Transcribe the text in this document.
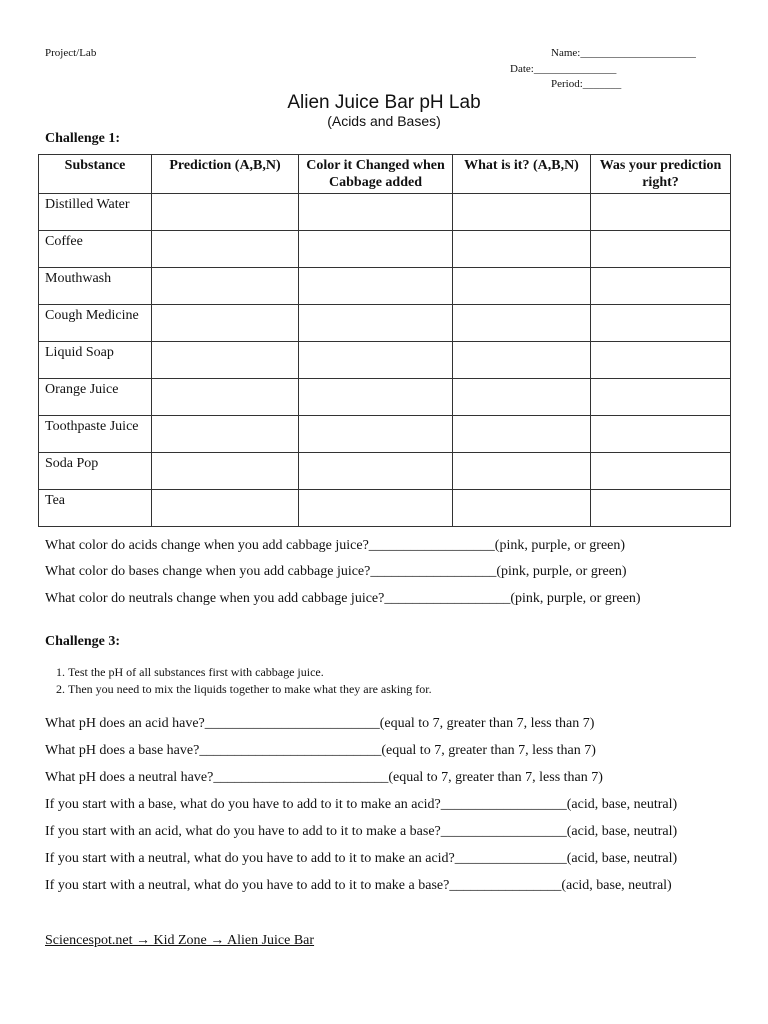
Project/Lab	Name:_____________________
Date:_______________
Period:_______
Alien Juice Bar pH Lab
(Acids and Bases)
Challenge 1:
Substance	Prediction (A,B,N)	Color it Changed when Cabbage added	What is it? (A,B,N)	Was your prediction right?
Distilled Water				
Coffee				
Mouthwash				
Cough Medicine				
Liquid Soap				
Orange Juice				
Toothpaste Juice				
Soda Pop				
Tea				
What color do acids change when you add cabbage juice?__________________(pink, purple, or green)
What color do bases change when you add cabbage juice?__________________(pink, purple, or green)
What color do neutrals change when you add cabbage juice?__________________(pink, purple, or green)
Challenge 3:
1. Test the pH of all substances first with cabbage juice.
2. Then you need to mix the liquids together to make what they are asking for.
What pH does an acid have?_________________________(equal to 7, greater than 7, less than 7)
What pH does a base have?__________________________(equal to 7, greater than 7, less than 7)
What pH does a neutral have?_________________________(equal to 7, greater than 7, less than 7)
If you start with a base, what do you have to add to it to make an acid?__________________(acid, base, neutral)
If you start with an acid, what do you have to add to it to make a base?__________________(acid, base, neutral)
If you start with a neutral, what do you have to add to it to make an acid?________________(acid, base, neutral)
If you start with a neutral, what do you have to add to it to make a base?________________(acid, base, neutral)
Sciencespot.net → Kid Zone → Alien Juice Bar
